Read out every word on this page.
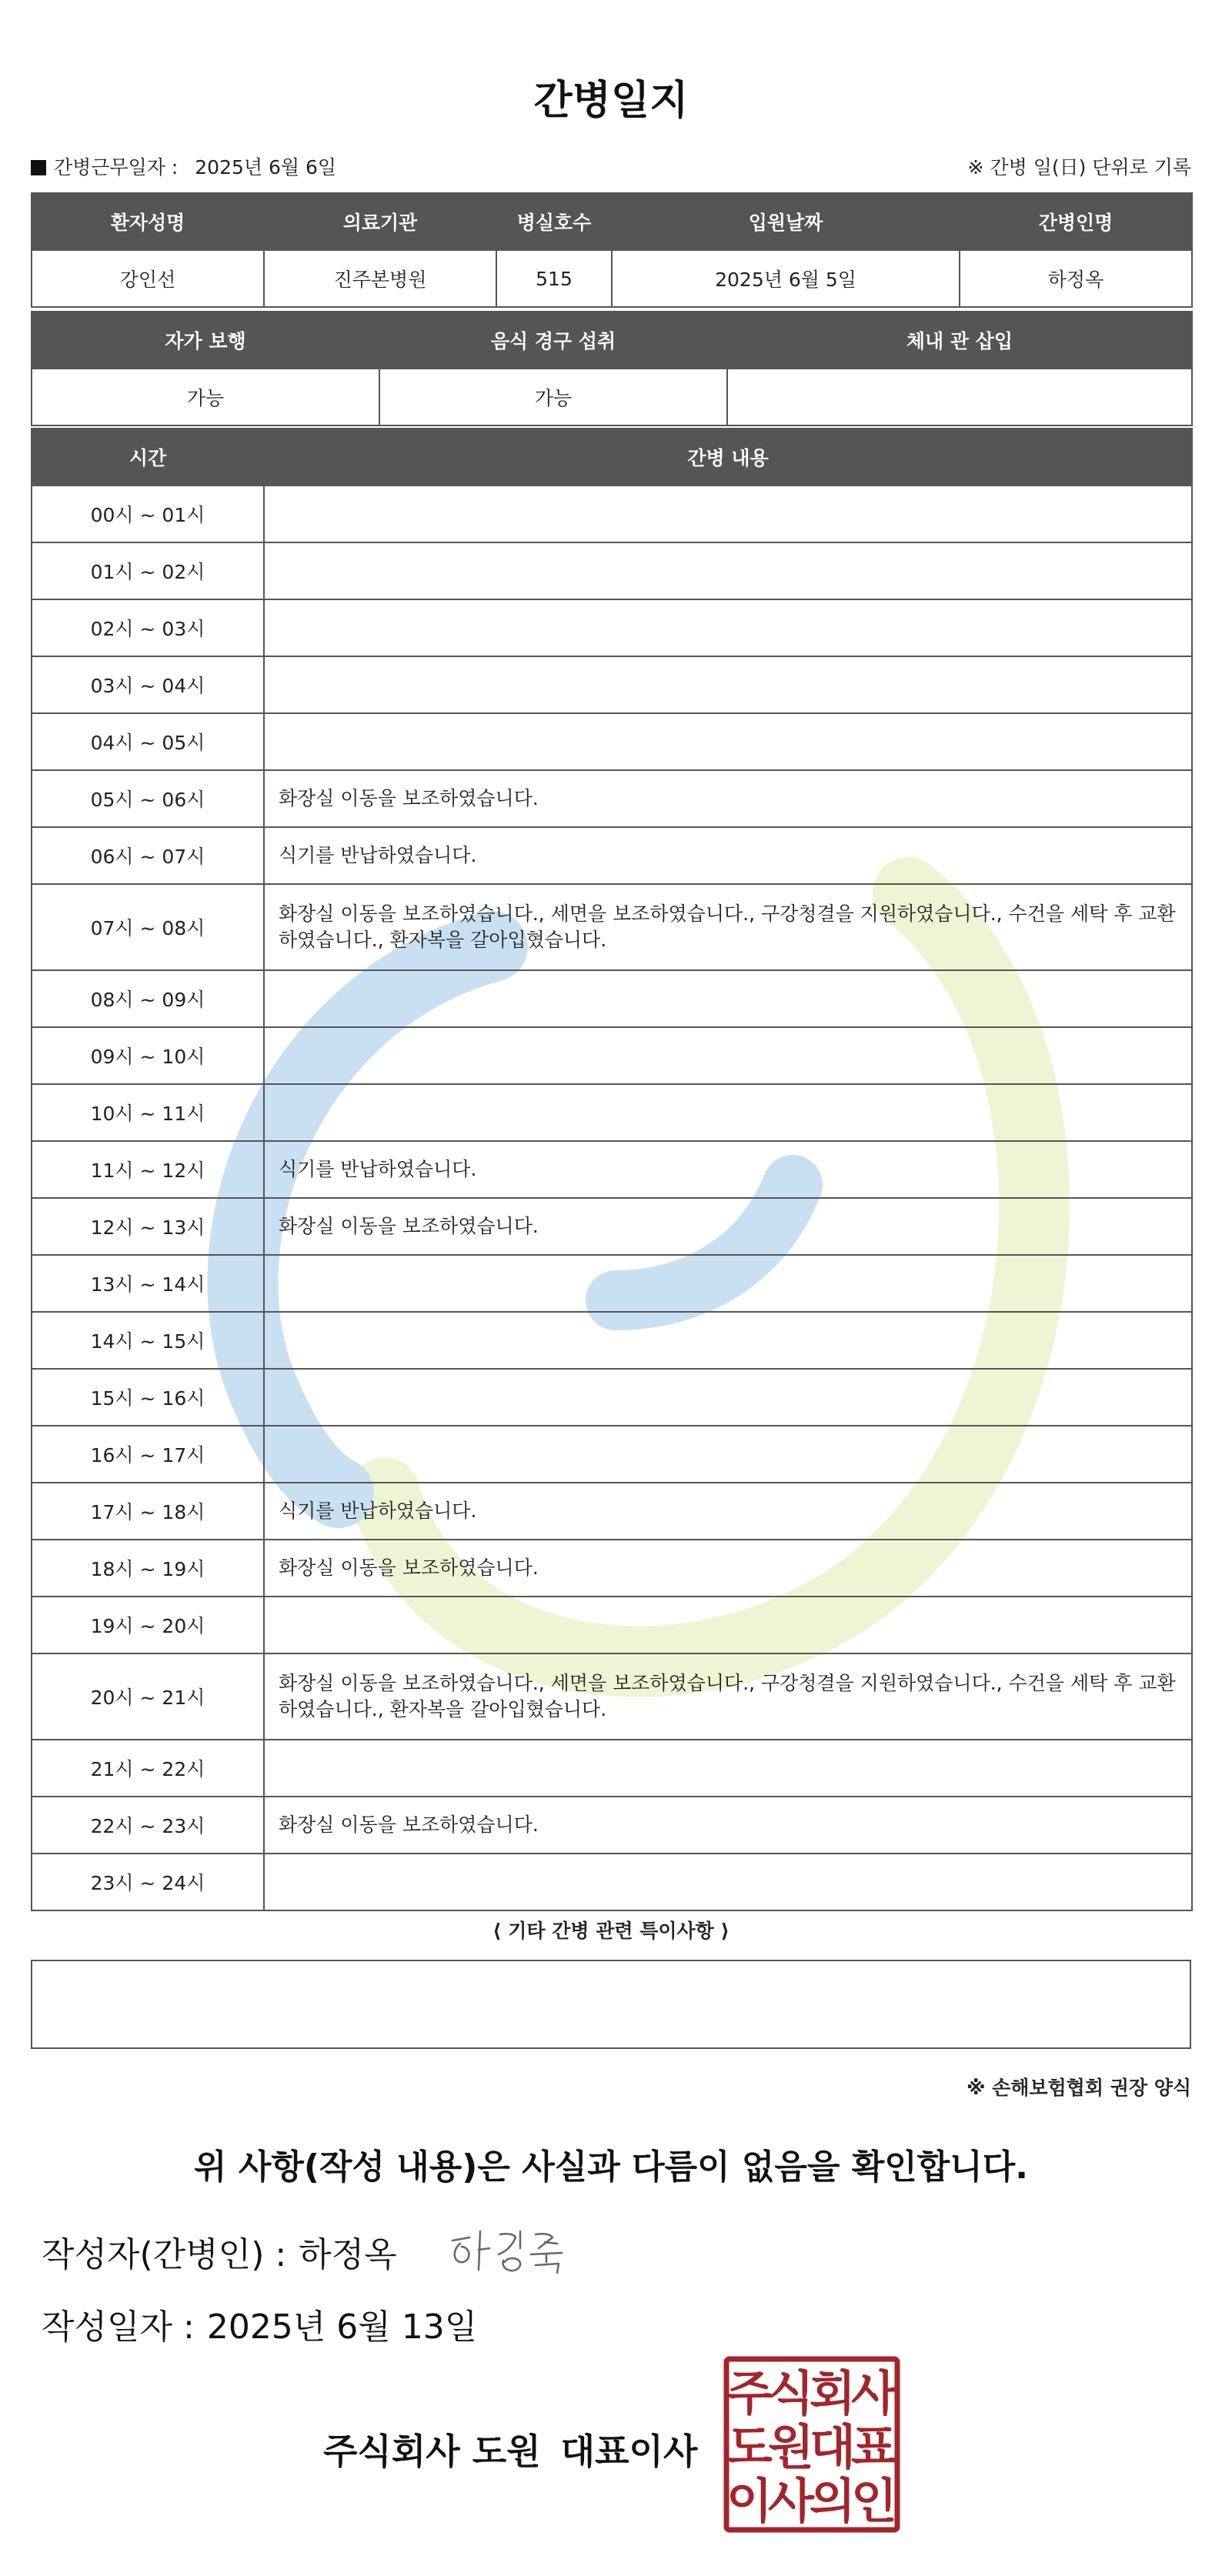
간병일지
간병근무일자 : 2025년 6월 6일	※ 간병 일(日) 단위로 기록
환자성명	의료기관	병실호수	입원날짜	간병인명
강인선	진주본병원	515	2025년 6월 5일	하정옥
자가 보행	음식 경구 섭취	체내 관 삽입
가능	가능	
시간	간병 내용
00시 ~ 01시	
01시 ~ 02시	
02시 ~ 03시	
03시 ~ 04시	
04시 ~ 05시	
05시 ~ 06시	화장실 이동을 보조하였습니다.
06시 ~ 07시	식기를 반납하였습니다.
07시 ~ 08시	화장실 이동을 보조하였습니다., 세면을 보조하였습니다., 구강청결을 지원하였습니다., 수건을 세탁 후 교환하였습니다., 환자복을 갈아입혔습니다.
08시 ~ 09시	
09시 ~ 10시	
10시 ~ 11시	
11시 ~ 12시	식기를 반납하였습니다.
12시 ~ 13시	화장실 이동을 보조하였습니다.
13시 ~ 14시	
14시 ~ 15시	
15시 ~ 16시	
16시 ~ 17시	
17시 ~ 18시	식기를 반납하였습니다.
18시 ~ 19시	화장실 이동을 보조하였습니다.
19시 ~ 20시	
20시 ~ 21시	화장실 이동을 보조하였습니다., 세면을 보조하였습니다., 구강청결을 지원하였습니다., 수건을 세탁 후 교환하였습니다., 환자복을 갈아입혔습니다.
21시 ~ 22시	
22시 ~ 23시	화장실 이동을 보조하였습니다.
23시 ~ 24시	
⟨ 기타 간병 관련 특이사항 ⟩
※ 손해보험협회 권장 양식
위 사항(작성 내용)은 사실과 다름이 없음을 확인합니다.
작성자(간병인) : 하정옥
작성일자 : 2025년 6월 13일
주식회사 도원 대표이사
주
식
회
사
도
원
대
표
이
사
의
인
